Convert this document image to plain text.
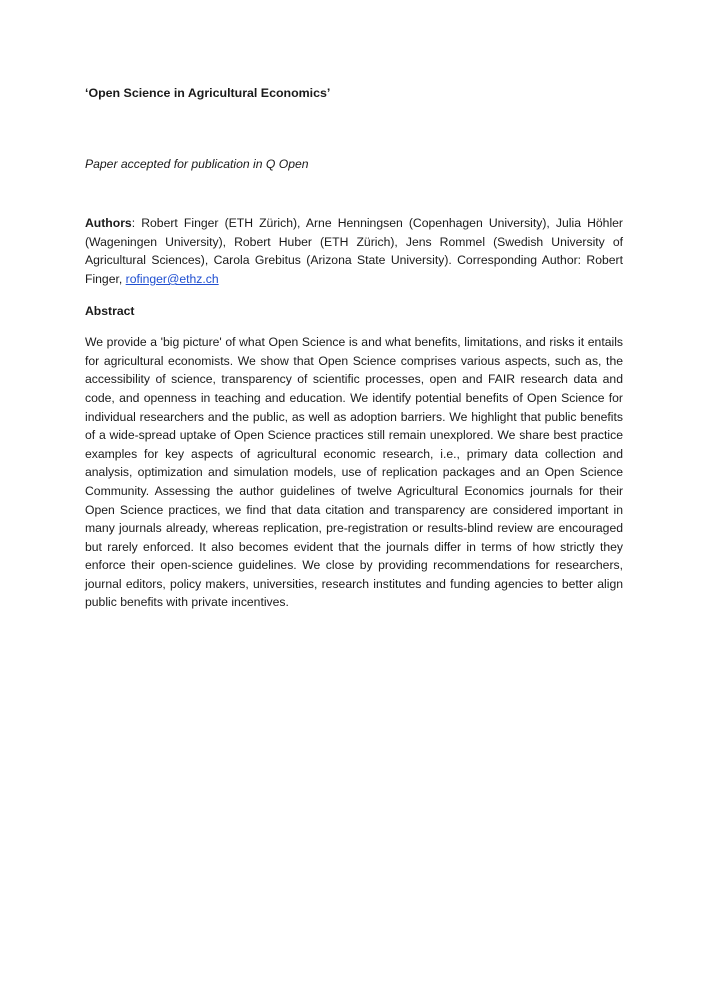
‘Open Science in Agricultural Economics’

Paper accepted for publication in Q Open

Authors: Robert Finger (ETH Zürich), Arne Henningsen (Copenhagen University), Julia Höhler (Wageningen University), Robert Huber (ETH Zürich), Jens Rommel (Swedish University of Agricultural Sciences), Carola Grebitus (Arizona State University). Corresponding Author: Robert Finger, rofinger@ethz.ch

Abstract

We provide a 'big picture' of what Open Science is and what benefits, limitations, and risks it entails for agricultural economists. We show that Open Science comprises various aspects, such as, the accessibility of science, transparency of scientific processes, open and FAIR research data and code, and openness in teaching and education. We identify potential benefits of Open Science for individual researchers and the public, as well as adoption barriers. We highlight that public benefits of a wide-spread uptake of Open Science practices still remain unexplored. We share best practice examples for key aspects of agricultural economic research, i.e., primary data collection and analysis, optimization and simulation models, use of replication packages and an Open Science Community. Assessing the author guidelines of twelve Agricultural Economics journals for their Open Science practices, we find that data citation and transparency are considered important in many journals already, whereas replication, pre-registration or results-blind review are encouraged but rarely enforced. It also becomes evident that the journals differ in terms of how strictly they enforce their open-science guidelines. We close by providing recommendations for researchers, journal editors, policy makers, universities, research institutes and funding agencies to better align public benefits with private incentives.
